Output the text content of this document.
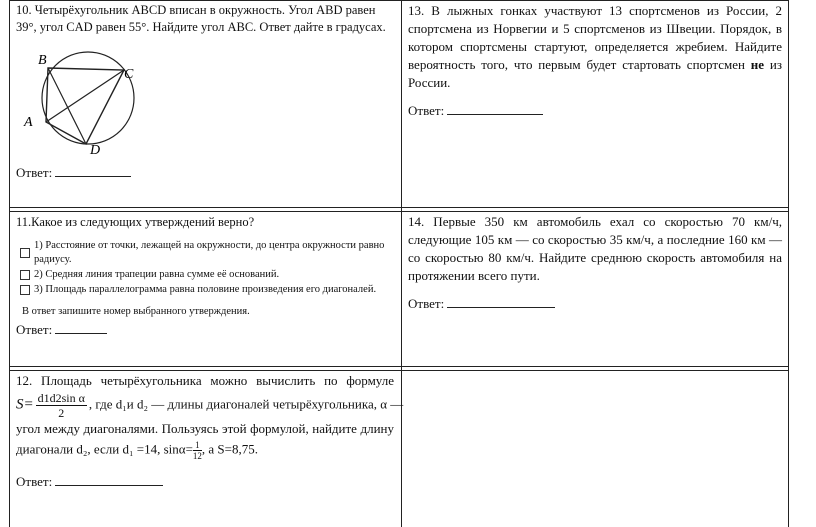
10. Четырёхугольник ABCD вписан в окружность. Угол ABD равен 39°, угол CAD равен 55°. Найдите угол ABC. Ответ дайте в градусах.
B
C
A
D
Ответ:
13. В лыжных гонках участвуют 13 спортсменов из России, 2 спортсмена из Норвегии и 5 спортсменов из Швеции. Порядок, в котором спортсмены стартуют, определяется жребием. Найдите вероятность того, что первым будет стартовать спортсмен не из России.
Ответ:
11.Какое из следующих утверждений верно?
1) Расстояние от точки, лежащей на окружности, до центра окружности равно радиусу.
2) Средняя линия трапеции равна сумме её оснований.
3) Площадь параллелограмма равна половине произведения его диагоналей.
В ответ запишите номер выбранного утверждения.
Ответ:
14. Первые 350 км автомобиль ехал со скоростью 70 км/ч, следующие 105 км — со скоростью 35 км/ч, а последние 160 км — со скоростью 80 км/ч. Найдите среднюю скорость автомобиля на протяжении всего пути.
Ответ:
12. Площадь четырёхугольника можно вычислить по формуле
$S= \frac{\text{d1d2sin α}}{2}$ , где d₁и d₂ — длины диагоналей четырёхугольника, α —
угол между диагоналями. Пользуясь этой формулой, найдите длину
диагонали d₂, если d₁ =14, $\sin\alpha= \frac{1}{12}$, а S=8,75.
Ответ:
